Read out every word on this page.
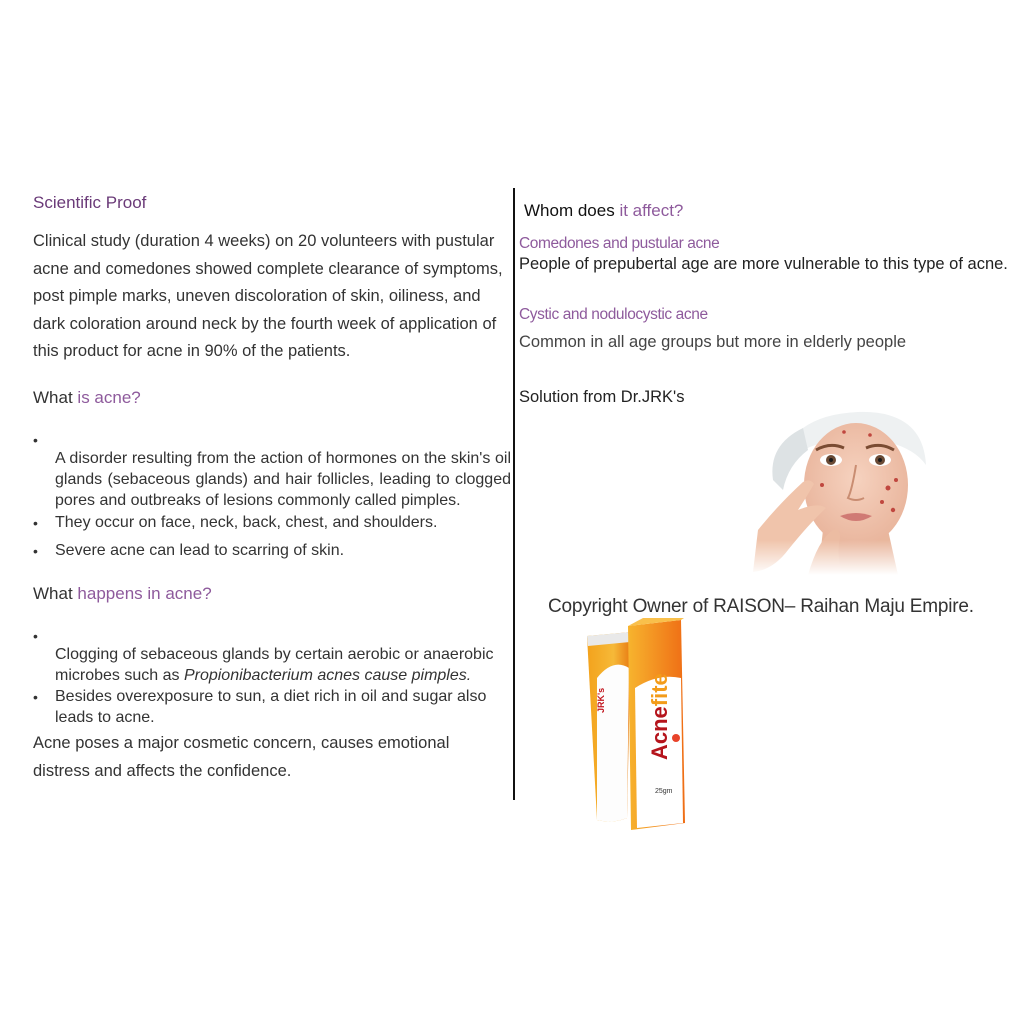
Scientific Proof
Clinical study (duration 4 weeks) on 20 volunteers with pustular acne and comedones showed complete clearance of symptoms, post pimple marks, uneven discoloration of skin, oiliness, and dark coloration around neck by the fourth week of application of this product for acne in 90% of the patients.
What is acne?
•
A disorder resulting from the action of hormones on the skin's oil glands (sebaceous glands) and hair follicles, leading to clogged pores and outbreaks of lesions commonly called pimples.
• They occur on face, neck, back, chest, and shoulders.
• Severe acne can lead to scarring of skin.
What happens in acne?
•
Clogging of sebaceous glands by certain aerobic or anaerobic microbes such as Propionibacterium acnes cause pimples.
• Besides overexposure to sun, a diet rich in oil and sugar also leads to acne.
Acne poses a major cosmetic concern, causes emotional distress and affects the confidence.
Whom does it affect?
Comedones and pustular acne
People of prepubertal age are more vulnerable to this type of acne.
Cystic and nodulocystic acne
Common in all age groups but more in elderly people
Solution from Dr.JRK's
Copyright Owner of RAISON– Raihan Maju Empire.
JRK's
Acnefite
25gm
